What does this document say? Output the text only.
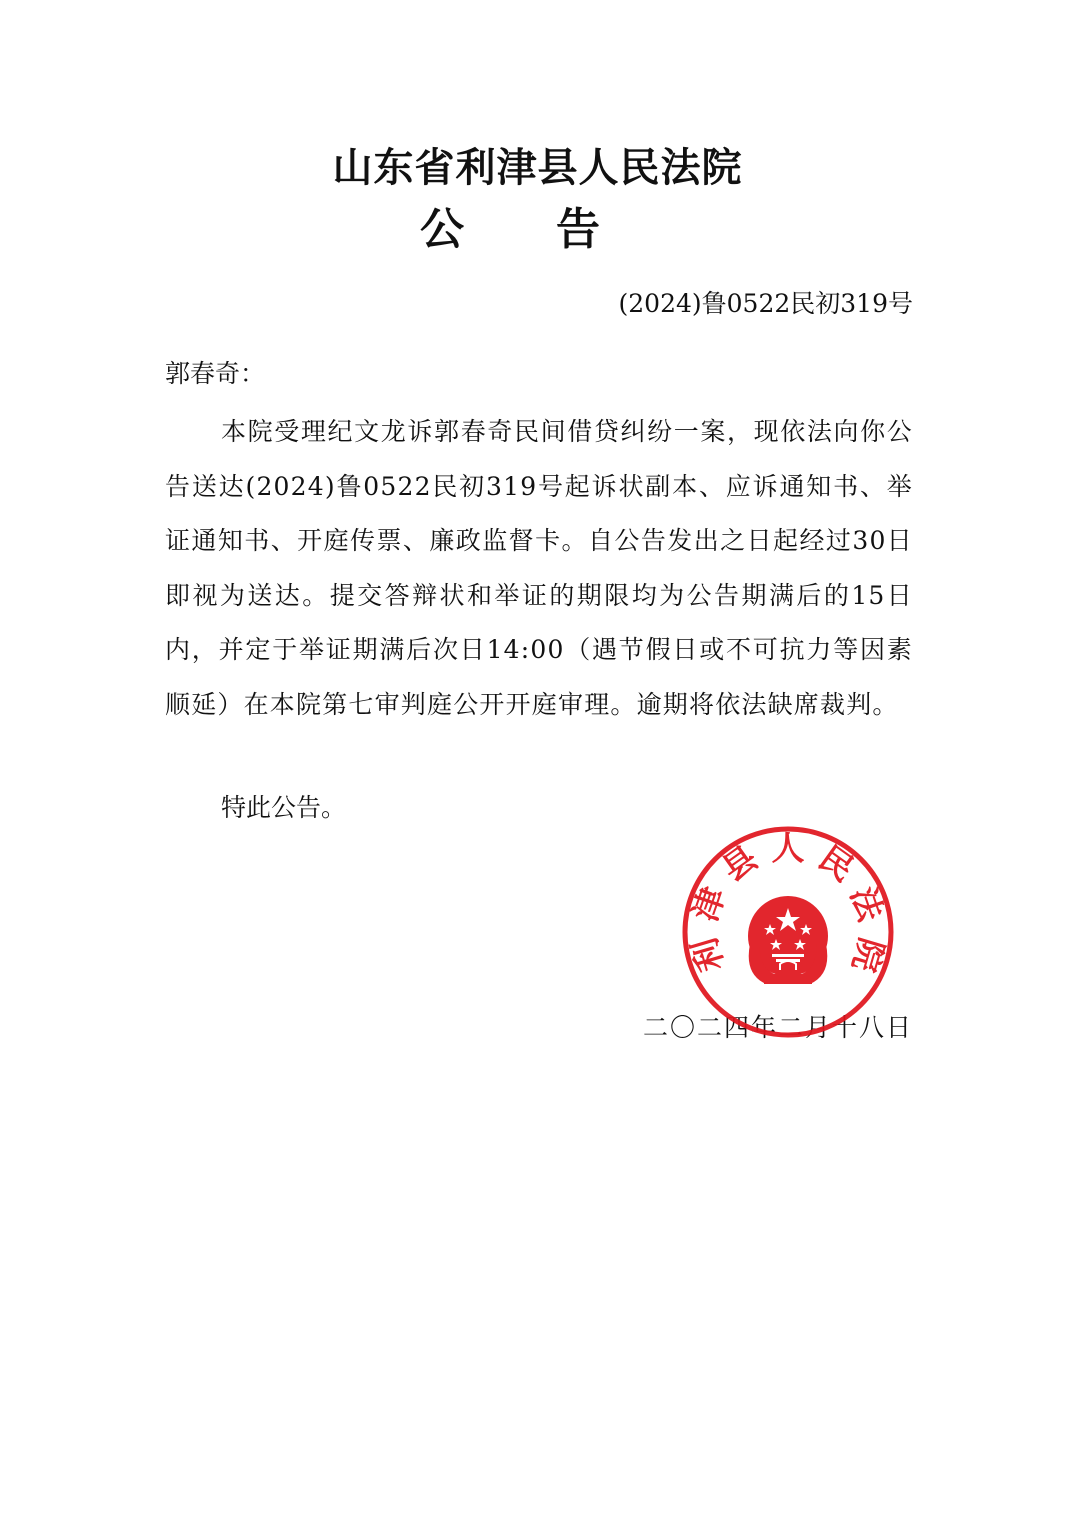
山东省利津县人民法院
公 告
(2024)鲁0522民初319号
郭春奇：

本院受理纪文龙诉郭春奇民间借贷纠纷一案，现依法向你公告送达(2024)鲁0522民初319号起诉状副本、应诉通知书、举证通知书、开庭传票、廉政监督卡。自公告发出之日起经过30日即视为送达。提交答辩状和举证的期限均为公告期满后的15日内，并定于举证期满后次日14:00（遇节假日或不可抗力等因素顺延）在本院第七审判庭公开开庭审理。逾期将依法缺席裁判。

特此公告。
二〇二四年二月十八日
利 津 县 人 民 法 院
